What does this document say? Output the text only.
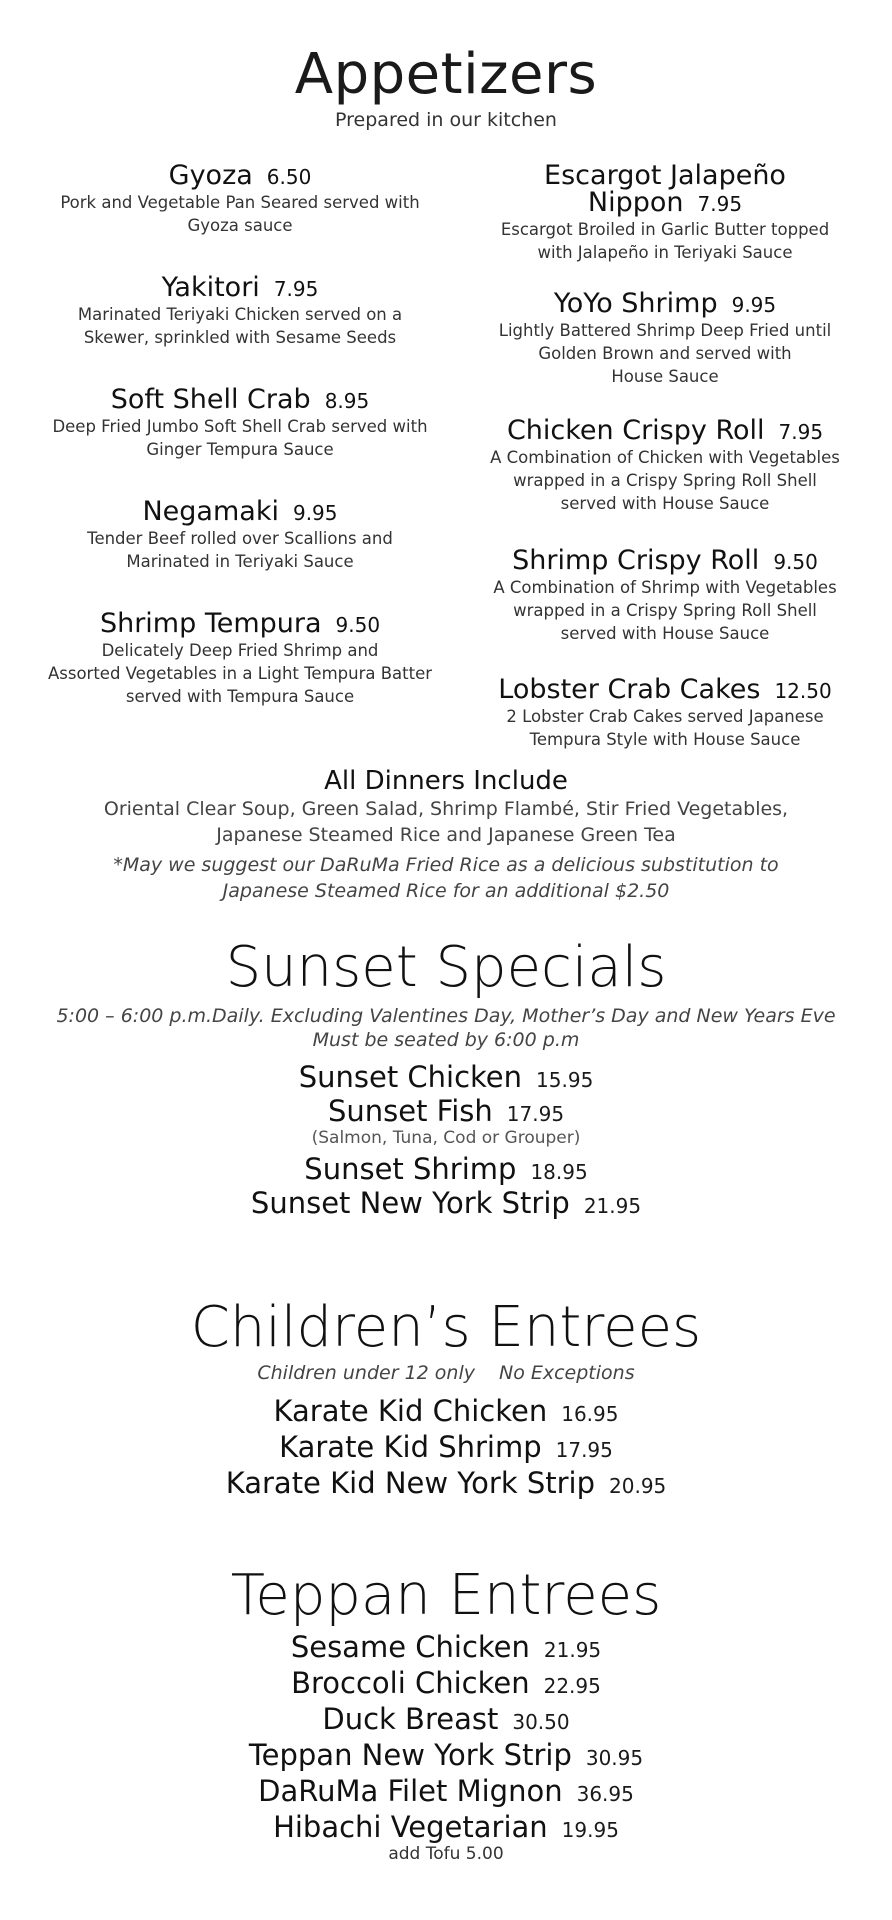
Appetizers
Prepared in our kitchen
Gyoza 6.50
Pork and Vegetable Pan Seared served with
Gyoza sauce
Yakitori 7.95
Marinated Teriyaki Chicken served on a
Skewer, sprinkled with Sesame Seeds
Soft Shell Crab 8.95
Deep Fried Jumbo Soft Shell Crab served with
Ginger Tempura Sauce
Negamaki 9.95
Tender Beef rolled over Scallions and
Marinated in Teriyaki Sauce
Shrimp Tempura 9.50
Delicately Deep Fried Shrimp and
Assorted Vegetables in a Light Tempura Batter
served with Tempura Sauce
Escargot Jalapeño
Nippon 7.95
Escargot Broiled in Garlic Butter topped
with Jalapeño in Teriyaki Sauce
YoYo Shrimp 9.95
Lightly Battered Shrimp Deep Fried until
Golden Brown and served with
House Sauce
Chicken Crispy Roll 7.95
A Combination of Chicken with Vegetables
wrapped in a Crispy Spring Roll Shell
served with House Sauce
Shrimp Crispy Roll 9.50
A Combination of Shrimp with Vegetables
wrapped in a Crispy Spring Roll Shell
served with House Sauce
Lobster Crab Cakes 12.50
2 Lobster Crab Cakes served Japanese
Tempura Style with House Sauce
All Dinners Include
Oriental Clear Soup, Green Salad, Shrimp Flambé, Stir Fried Vegetables,
Japanese Steamed Rice and Japanese Green Tea
*May we suggest our DaRuMa Fried Rice as a delicious substitution to
Japanese Steamed Rice for an additional $2.50
Sunset Specials
5:00 – 6:00 p.m.Daily. Excluding Valentines Day, Mother’s Day and New Years Eve
Must be seated by 6:00 p.m
Sunset Chicken 15.95
Sunset Fish 17.95
(Salmon, Tuna, Cod or Grouper)
Sunset Shrimp 18.95
Sunset New York Strip 21.95
Children’s Entrees
Children under 12 only No Exceptions
Karate Kid Chicken 16.95
Karate Kid Shrimp 17.95
Karate Kid New York Strip 20.95
Teppan Entrees
Sesame Chicken 21.95
Broccoli Chicken 22.95
Duck Breast 30.50
Teppan New York Strip 30.95
DaRuMa Filet Mignon 36.95
Hibachi Vegetarian 19.95
add Tofu 5.00
